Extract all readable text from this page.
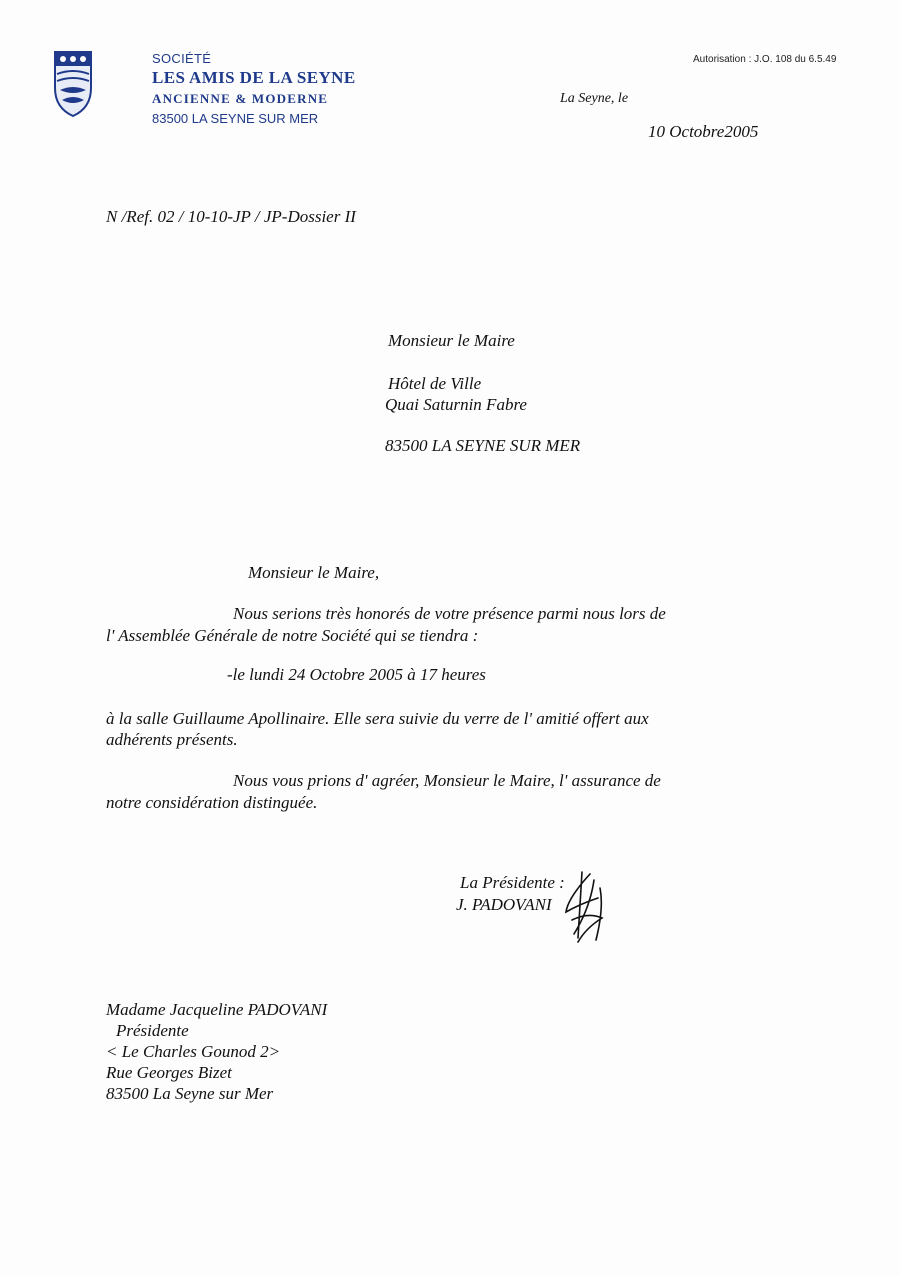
SOCIÉTÉ
LES AMIS DE LA SEYNE
ANCIENNE & MODERNE
83500 LA SEYNE SUR MER
Autorisation : J.O. 108 du 6.5.49
La Seyne, le
10 Octobre2005
N /Ref. 02 / 10-10-JP / JP-Dossier II
Monsieur le Maire
Hôtel de Ville
Quai Saturnin Fabre
83500 LA SEYNE SUR MER
Monsieur le Maire,
Nous serions très honorés de votre présence parmi nous lors de
l' Assemblée Générale de notre Société qui se tiendra :
-le lundi 24 Octobre 2005 à 17 heures
à la salle Guillaume Apollinaire. Elle sera suivie du verre de l' amitié offert aux
adhérents présents.
Nous vous prions d' agréer, Monsieur le Maire, l' assurance de
notre considération distinguée.
La Présidente :
J. PADOVANI
Madame Jacqueline PADOVANI
Présidente
< Le Charles Gounod 2>
Rue Georges Bizet
83500 La Seyne sur Mer
